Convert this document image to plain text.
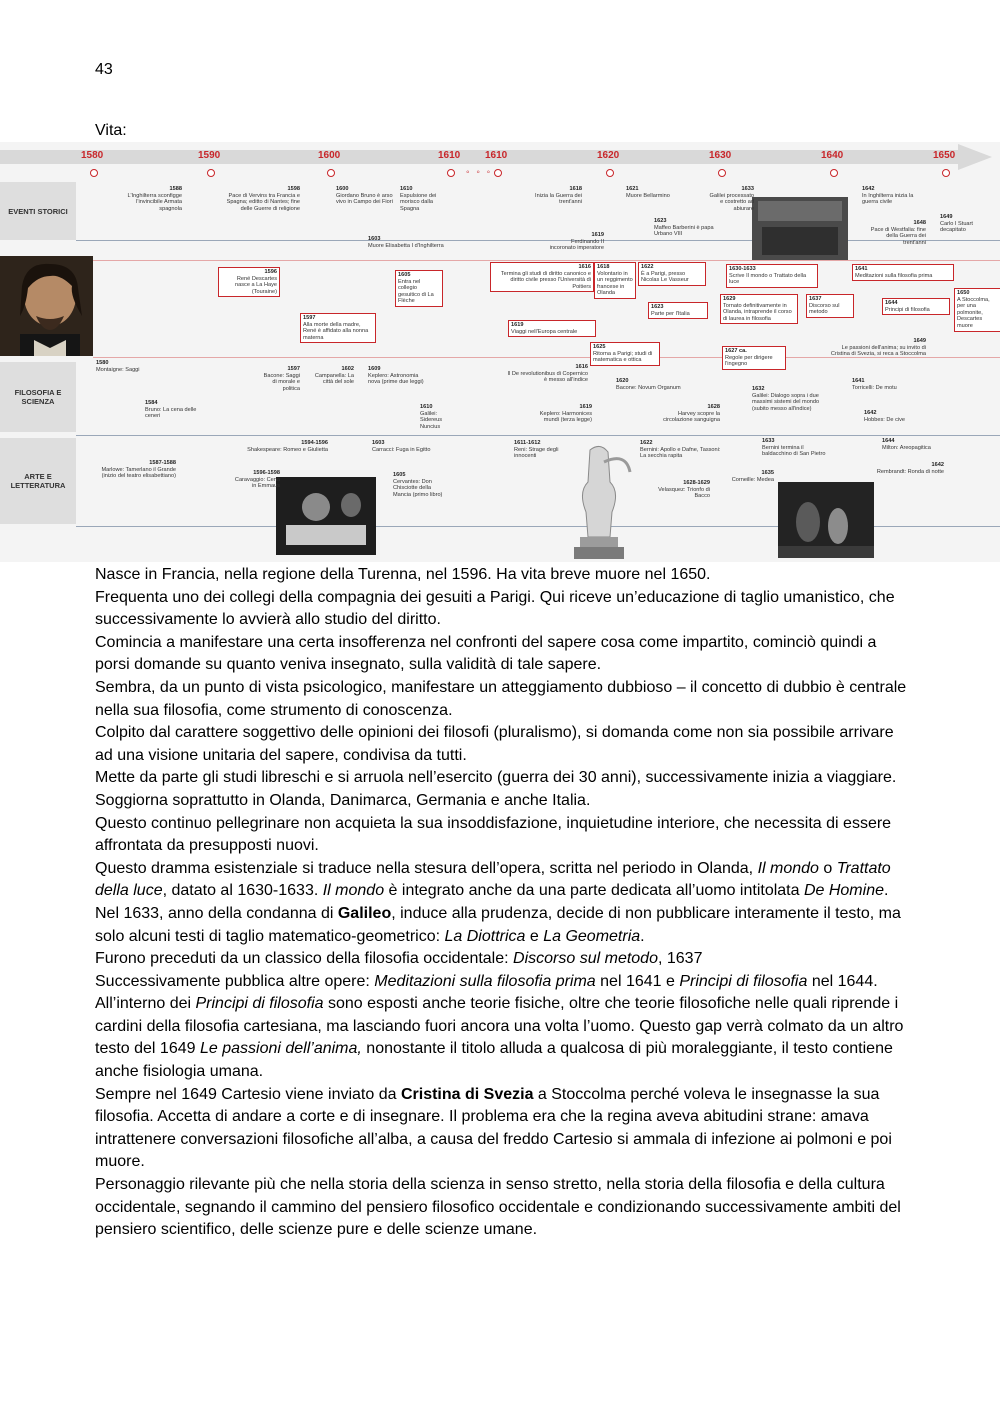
43
Vita:
◦ ◦ ◦
EVENTI STORICI
FILOSOFIA E SCIENZA
ARTE E LETTERATURA
1580	1590	1600	1610 1610	1620	1630	1640	1650
1588
L'Inghilterra sconfigge l'invincibile Armata spagnola
1598
Pace di Vervins tra Francia e Spagna; editto di Nantes; fine delle Guerre di religione
1600
Giordano Bruno è arso vivo in Campo dei Fiori
1610
Espulsione dei morisco dalla Spagna
1603
Muore Elisabetta I d'Inghilterra
1618
Inizia la Guerra dei trent'anni
1619
Ferdinando II incoronato imperatore
1621
Muore Bellarmino
1623
Maffeo Barberini è papa Urbano VIII
1633
Galilei processato e costretto ad abiurare
1642
In Inghilterra inizia la guerra civile
1648
Pace di Westfalia: fine della Guerra dei trent'anni
1649
Carlo I Stuart decapitato
1596
René Descartes nasce a La Haye (Touraine)
1605
Entra nel collegio gesuitico di La Flèche
1597
Alla morte della madre, René è affidato alla nonna materna
1616
Termina gli studi di diritto canonico e diritto civile presso l'Università di Poitiers
1618
Volontario in un reggimento francese in Olanda
1622
È a Parigi, presso Nicolas Le Vasseur
1623
Parte per l'Italia
1630-1633
Scrive Il mondo o Trattato della luce
1641
Meditazioni sulla filosofia prima
1629
Tornato definitivamente in Olanda, intraprende il corso di laurea in filosofia
1637
Discorso sul metodo
1644
Principi di filosofia
1650
A Stoccolma, per una polmonite, Descartes muore
1619
Viaggi nell'Europa centrale
1625
Ritorna a Parigi; studi di matematica e ottica
1627 ca.
Regole per dirigere l'ingegno
1649
Le passioni dell'anima; su invito di Cristina di Svezia, si reca a Stoccolma
1580
Montaigne: Saggi
1584
Bruno: La cena delle ceneri
1597
Bacone: Saggi di morale e politica
1602
Campanella: La città del sole
1609
Keplero: Astronomia nova (prime due leggi)
1610
Galilei: Sidereus Nuncius
1616
Il De revolutionibus di Copernico è messo all'indice	1620
Bacone: Novum Organum
1619
Keplero: Harmonices mundi (terza legge)
1628
Harvey scopre la circolazione sanguigna
1632
Galilei: Dialogo sopra i due massimi sistemi del mondo (subito messo all'indice)
1641
Torricelli: De motu
1642
Hobbes: De cive
1587-1588
Marlowe: Tamerlano il Grande (inizio del teatro elisabettiano)
1594-1596
Shakespeare: Romeo e Giulietta
1603
Carracci: Fuga in Egitto
1596-1598
Caravaggio: Cena in Emmaus
1605
Cervantes: Don Chisciotte della Mancia (primo libro)
1611-1612
Reni: Strage degli innocenti
1622
Bernini: Apollo e Dafne, Tassoni: La secchia rapita
1628-1629
Velasquez: Trionfo di Bacco
1633
Bernini termina il baldacchino di San Pietro
1635
Corneille: Medea
1644
Milton: Areopagitica
1642
Rembrandt: Ronda di notte

Nasce in Francia, nella regione della Turenna, nel 1596. Ha vita breve muore nel 1650.

Frequenta uno dei collegi della compagnia dei gesuiti a Parigi. Qui riceve un’educazione di taglio umanistico, che successivamente lo avvierà allo studio del diritto.

Comincia a manifestare una certa insofferenza nel confronti del sapere cosa come impartito, cominciò quindi a porsi domande su quanto veniva insegnato, sulla validità di tale sapere.

Sembra, da un punto di vista psicologico, manifestare un atteggiamento dubbioso – il concetto di dubbio è centrale nella sua filosofia, come strumento di conoscenza.

Colpito dal carattere soggettivo delle opinioni dei filosofi (pluralismo), si domanda come non sia possibile arrivare ad una visione unitaria del sapere, condivisa da tutti.

Mette da parte gli studi libreschi e si arruola nell’esercito (guerra dei 30 anni), successivamente inizia a viaggiare. Soggiorna soprattutto in Olanda, Danimarca, Germania e anche Italia.

Questo continuo pellegrinare non acquieta la sua insoddisfazione, inquietudine interiore, che necessita di essere affrontata da presupposti nuovi.

Questo dramma esistenziale si traduce nella stesura dell’opera, scritta nel periodo in Olanda, Il mondo o Trattato della luce, datato al 1630-1633. Il mondo è integrato anche da una parte dedicata all’uomo intitolata De Homine.

Nel 1633, anno della condanna di Galileo, induce alla prudenza, decide di non pubblicare interamente il testo, ma solo alcuni testi di taglio matematico-geometrico: La Diottrica e La Geometria.

Furono preceduti da un classico della filosofia occidentale: Discorso sul metodo, 1637

Successivamente pubblica altre opere: Meditazioni sulla filosofia prima nel 1641 e Principi di filosofia nel 1644.

All’interno dei Principi di filosofia sono esposti anche teorie fisiche, oltre che teorie filosofiche nelle quali riprende i cardini della filosofia cartesiana, ma lasciando fuori ancora una volta l’uomo. Questo gap verrà colmato da un altro testo del 1649 Le passioni dell’anima, nonostante il titolo alluda a qualcosa di più moraleggiante, il testo contiene anche fisiologia umana.

Sempre nel 1649 Cartesio viene inviato da Cristina di Svezia a Stoccolma perché voleva le insegnasse la sua filosofia. Accetta di andare a corte e di insegnare. Il problema era che la regina aveva abitudini strane: amava intrattenere conversazioni filosofiche all’alba, a causa del freddo Cartesio si ammala di infezione ai polmoni e poi muore.

Personaggio rilevante più che nella storia della scienza in senso stretto, nella storia della filosofia e della cultura occidentale, segnando il cammino del pensiero filosofico occidentale e condizionando successivamente ambiti del pensiero scientifico, delle scienze pure e delle scienze umane.
